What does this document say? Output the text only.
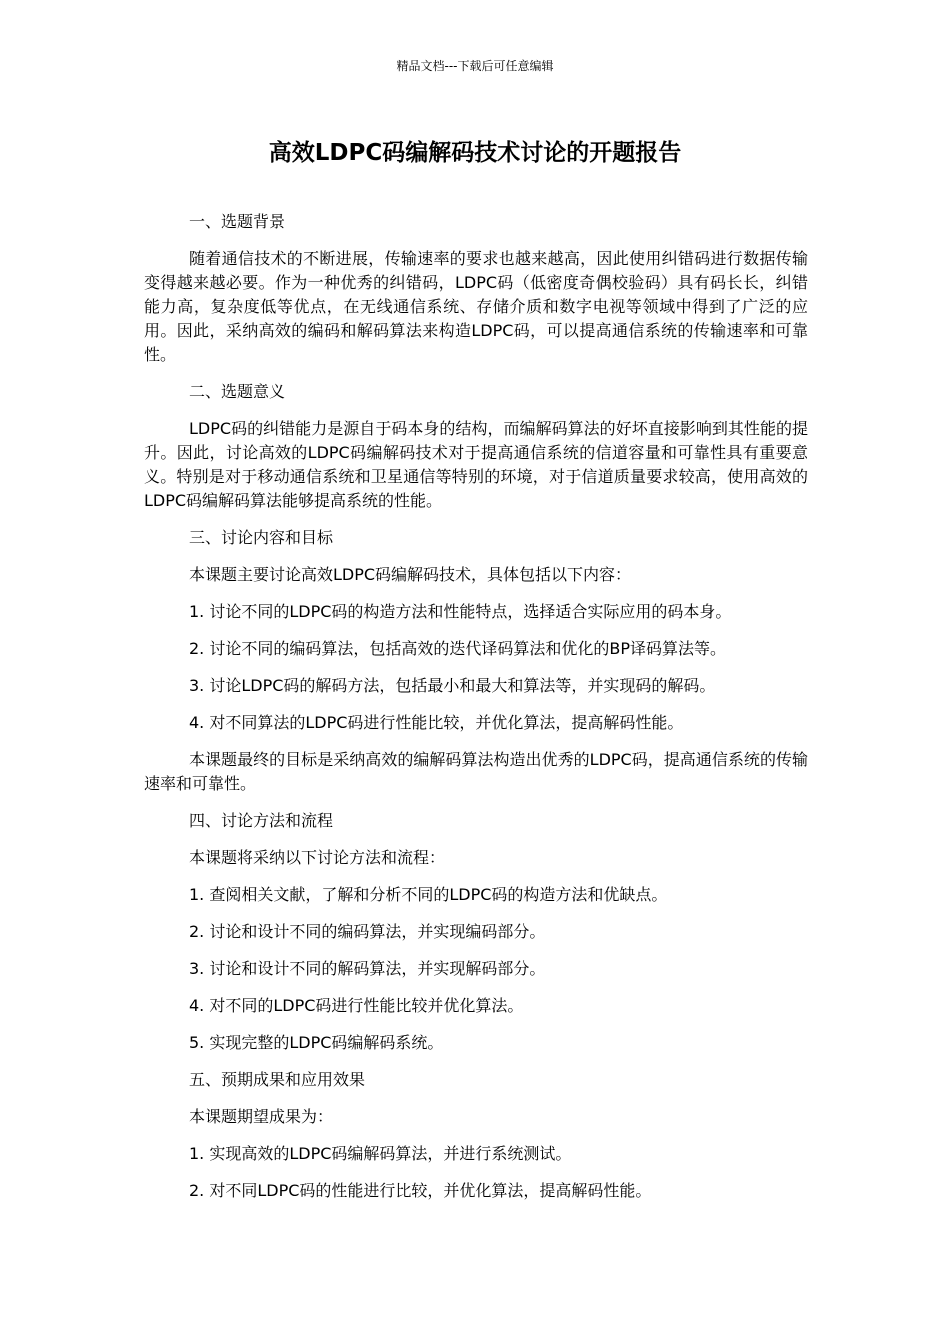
精品文档---下载后可任意编辑
高效LDPC码编解码技术讨论的开题报告

一、选题背景

随着通信技术的不断进展，传输速率的要求也越来越高，因此使用纠错码进行数据传输变得越来越必要。作为一种优秀的纠错码，LDPC码（低密度奇偶校验码）具有码长长，纠错能力高，复杂度低等优点，在无线通信系统、存储介质和数字电视等领域中得到了广泛的应用。因此，采纳高效的编码和解码算法来构造LDPC码，可以提高通信系统的传输速率和可靠性。

二、选题意义

LDPC码的纠错能力是源自于码本身的结构，而编解码算法的好坏直接影响到其性能的提升。因此，讨论高效的LDPC码编解码技术对于提高通信系统的信道容量和可靠性具有重要意义。特别是对于移动通信系统和卫星通信等特别的环境，对于信道质量要求较高，使用高效的LDPC码编解码算法能够提高系统的性能。

三、讨论内容和目标

本课题主要讨论高效LDPC码编解码技术，具体包括以下内容：

1. 讨论不同的LDPC码的构造方法和性能特点，选择适合实际应用的码本身。

2. 讨论不同的编码算法，包括高效的迭代译码算法和优化的BP译码算法等。

3. 讨论LDPC码的解码方法，包括最小和最大和算法等，并实现码的解码。

4. 对不同算法的LDPC码进行性能比较，并优化算法，提高解码性能。

本课题最终的目标是采纳高效的编解码算法构造出优秀的LDPC码，提高通信系统的传输速率和可靠性。

四、讨论方法和流程

本课题将采纳以下讨论方法和流程：

1. 查阅相关文献，了解和分析不同的LDPC码的构造方法和优缺点。

2. 讨论和设计不同的编码算法，并实现编码部分。

3. 讨论和设计不同的解码算法，并实现解码部分。

4. 对不同的LDPC码进行性能比较并优化算法。

5. 实现完整的LDPC码编解码系统。

五、预期成果和应用效果

本课题期望成果为：

1. 实现高效的LDPC码编解码算法，并进行系统测试。

2. 对不同LDPC码的性能进行比较，并优化算法，提高解码性能。
